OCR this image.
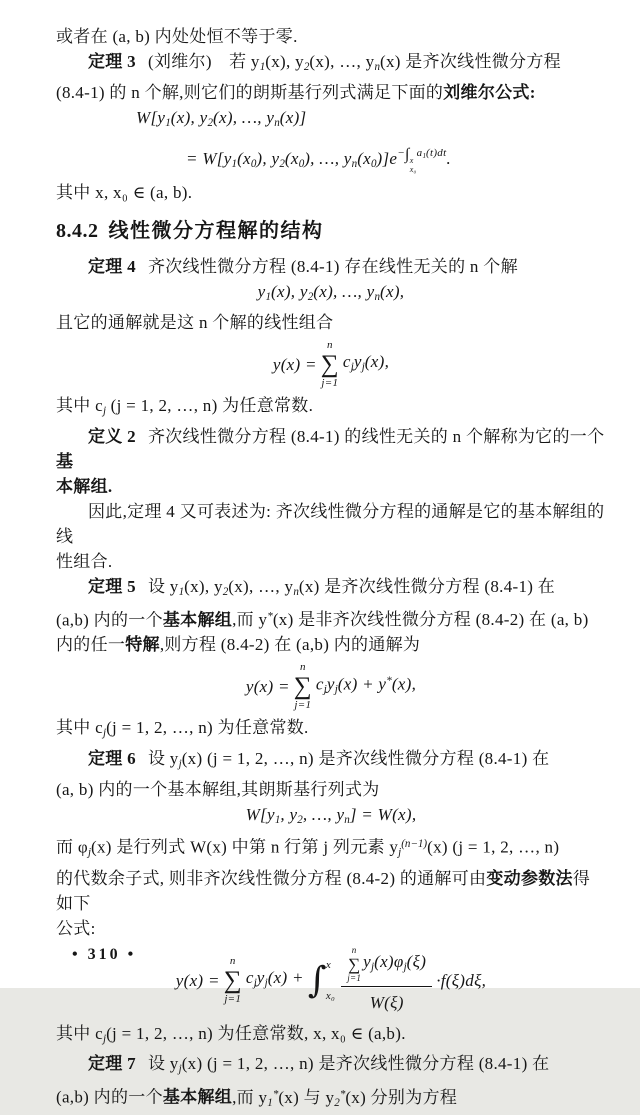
或者在 (a, b) 内处处恒不等于零.

定理 3 (刘维尔)　若 $y_1(x)$, $y_2(x)$, …, $y_n(x)$ 是齐次线性微分方程

(8.4-1) 的 n 个解,则它们的朗斯基行列式满足下面的刘维尔公式:

$W[y_1(x)$, $y_2(x)$, …, $y_n(x)$]

= $W[y_1(x_0)$, $y_2(x_0)$, …, $y_n(x_0)]e-\int$ x
x₀
$a_1(t)dt$.

其中 x, x₀ ∈ (a, b).

8.4.2 线性微分方程解的结构

定理 4 齐次线性微分方程 (8.4-1) 存在线性无关的 n 个解

$y_1(x)$, $y_2(x)$, …, $y_n(x)$,

且它的通解就是这 n 个解的线性组合

y(x) =
n
∑
j=1
$c_jy_j(x)$,

其中 $c_j$ (j = 1, 2, …, n) 为任意常数.

定义 2 齐次线性微分方程 (8.4-1) 的线性无关的 n 个解称为它的一个基

本解组.

因此,定理 4 又可表述为: 齐次线性微分方程的通解是它的基本解组的线

性组合.

定理 5 设 $y_1(x)$, $y_2(x)$, …, $y_n(x)$ 是齐次线性微分方程 (8.4-1) 在

(a,b) 内的一个基本解组,而 y*(x) 是非齐次线性微分方程 (8.4-2) 在 (a, b)

内的任一特解,则方程 (8.4-2) 在 (a,b) 内的通解为

y(x) =
n
∑
j=1
$c_jy_j(x) + y^*(x)$,

其中 $c_j(j = 1$, 2, …, n) 为任意常数.

定理 6 设 $y_j(x) (j = 1$, 2, …, n) 是齐次线性微分方程 (8.4-1) 在

(a, b) 内的一个基本解组,其朗斯基行列式为

$W[y_1$, $y_2$, …, $y_n] = W(x)$,

而 $\varphi_j(x)$ 是行列式 W(x) 中第 n 行第 j 列元素 $y_j^{(n-1)}(x) (j = 1$, 2, …, n)

的代数余子式, 则非齐次线性微分方程 (8.4-2) 的通解可由变动参数法得如下

公式:

y(x) =
n
∑
j=1
$c_jy_j(x)$ + ∫ x
x₀ n
∑
j=1
$y_j(x)\varphi_j(\xi)$
W(ξ) ·f(ξ)dξ,

其中 $c_j(j = 1$, 2, …, n) 为任意常数, x, x₀ ∈ (a,b).

定理 7 设 $y_j(x) (j = 1$, 2, …, n) 是齐次线性微分方程 (8.4-1) 在

(a,b) 内的一个基本解组,而 $y_1^*(x)$ 与 $y_2^*(x)$ 分别为方程

• 310 •
